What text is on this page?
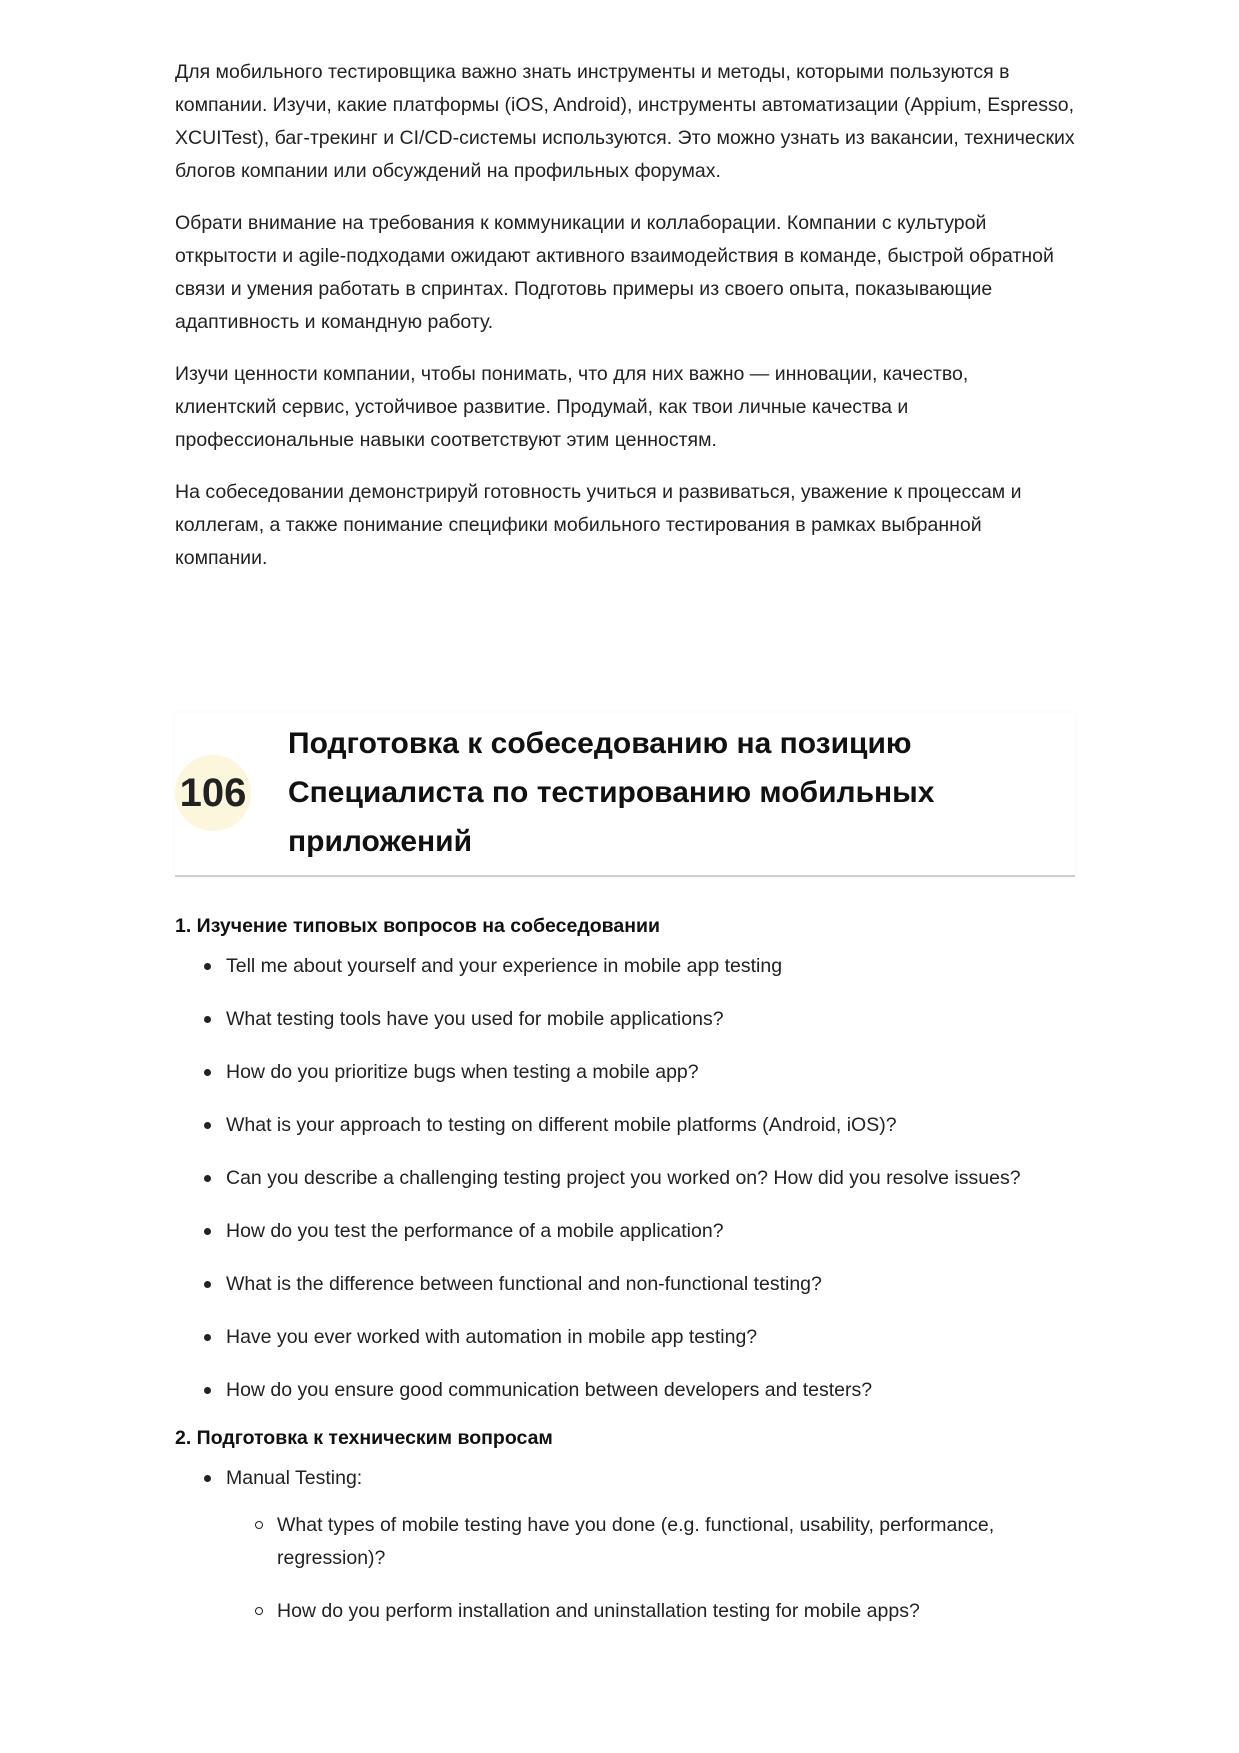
Для мобильного тестировщика важно знать инструменты и методы, которыми пользуются в компании. Изучи, какие платформы (iOS, Android), инструменты автоматизации (Appium, Espresso, XCUITest), баг-трекинг и CI/CD-системы используются. Это можно узнать из вакансии, технических блогов компании или обсуждений на профильных форумах.

Обрати внимание на требования к коммуникации и коллаборации. Компании с культурой открытости и agile-подходами ожидают активного взаимодействия в команде, быстрой обратной связи и умения работать в спринтах. Подготовь примеры из своего опыта, показывающие адаптивность и командную работу.

Изучи ценности компании, чтобы понимать, что для них важно — инновации, качество, клиентский сервис, устойчивое развитие. Продумай, как твои личные качества и профессиональные навыки соответствуют этим ценностям.

На собеседовании демонстрируй готовность учиться и развиваться, уважение к процессам и коллегам, а также понимание специфики мобильного тестирования в рамках выбранной компании.

106
Подготовка к собеседованию на позицию Специалиста по тестированию мобильных приложений

1. Изучение типовых вопросов на собеседовании

Tell me about yourself and your experience in mobile app testing
What testing tools have you used for mobile applications?
How do you prioritize bugs when testing a mobile app?
What is your approach to testing on different mobile platforms (Android, iOS)?
Can you describe a challenging testing project you worked on? How did you resolve issues?
How do you test the performance of a mobile application?
What is the difference between functional and non-functional testing?
Have you ever worked with automation in mobile app testing?
How do you ensure good communication between developers and testers?

2. Подготовка к техническим вопросам

Manual Testing:
What types of mobile testing have you done (e.g. functional, usability, performance, regression)?
How do you perform installation and uninstallation testing for mobile apps?
